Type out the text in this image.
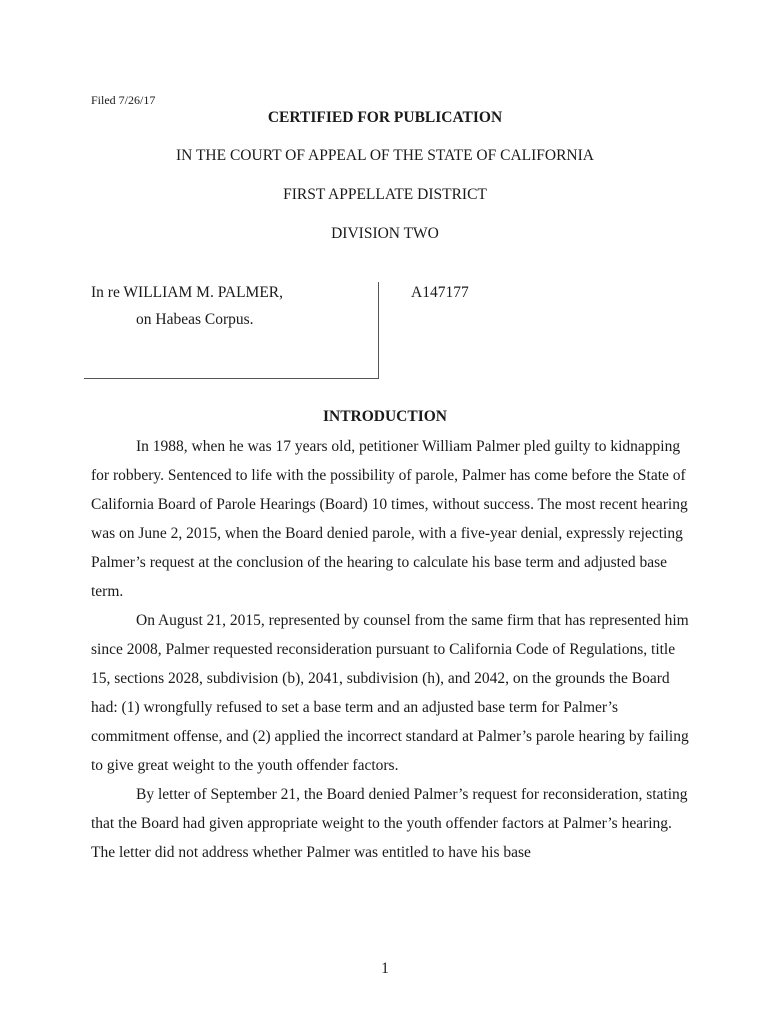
Filed 7/26/17
CERTIFIED FOR PUBLICATION
IN THE COURT OF APPEAL OF THE STATE OF CALIFORNIA
FIRST APPELLATE DISTRICT
DIVISION TWO
In re WILLIAM M. PALMER,
on Habeas Corpus.
A147177
INTRODUCTION

In 1988, when he was 17 years old, petitioner William Palmer pled guilty to kidnapping for robbery. Sentenced to life with the possibility of parole, Palmer has come before the State of California Board of Parole Hearings (Board) 10 times, without success. The most recent hearing was on June 2, 2015, when the Board denied parole, with a five-year denial, expressly rejecting Palmer’s request at the conclusion of the hearing to calculate his base term and adjusted base term.

On August 21, 2015, represented by counsel from the same firm that has represented him since 2008, Palmer requested reconsideration pursuant to California Code of Regulations, title 15, sections 2028, subdivision (b), 2041, subdivision (h), and 2042, on the grounds the Board had: (1) wrongfully refused to set a base term and an adjusted base term for Palmer’s commitment offense, and (2) applied the incorrect standard at Palmer’s parole hearing by failing to give great weight to the youth offender factors.

By letter of September 21, the Board denied Palmer’s request for reconsideration, stating that the Board had given appropriate weight to the youth offender factors at Palmer’s hearing. The letter did not address whether Palmer was entitled to have his base

1
